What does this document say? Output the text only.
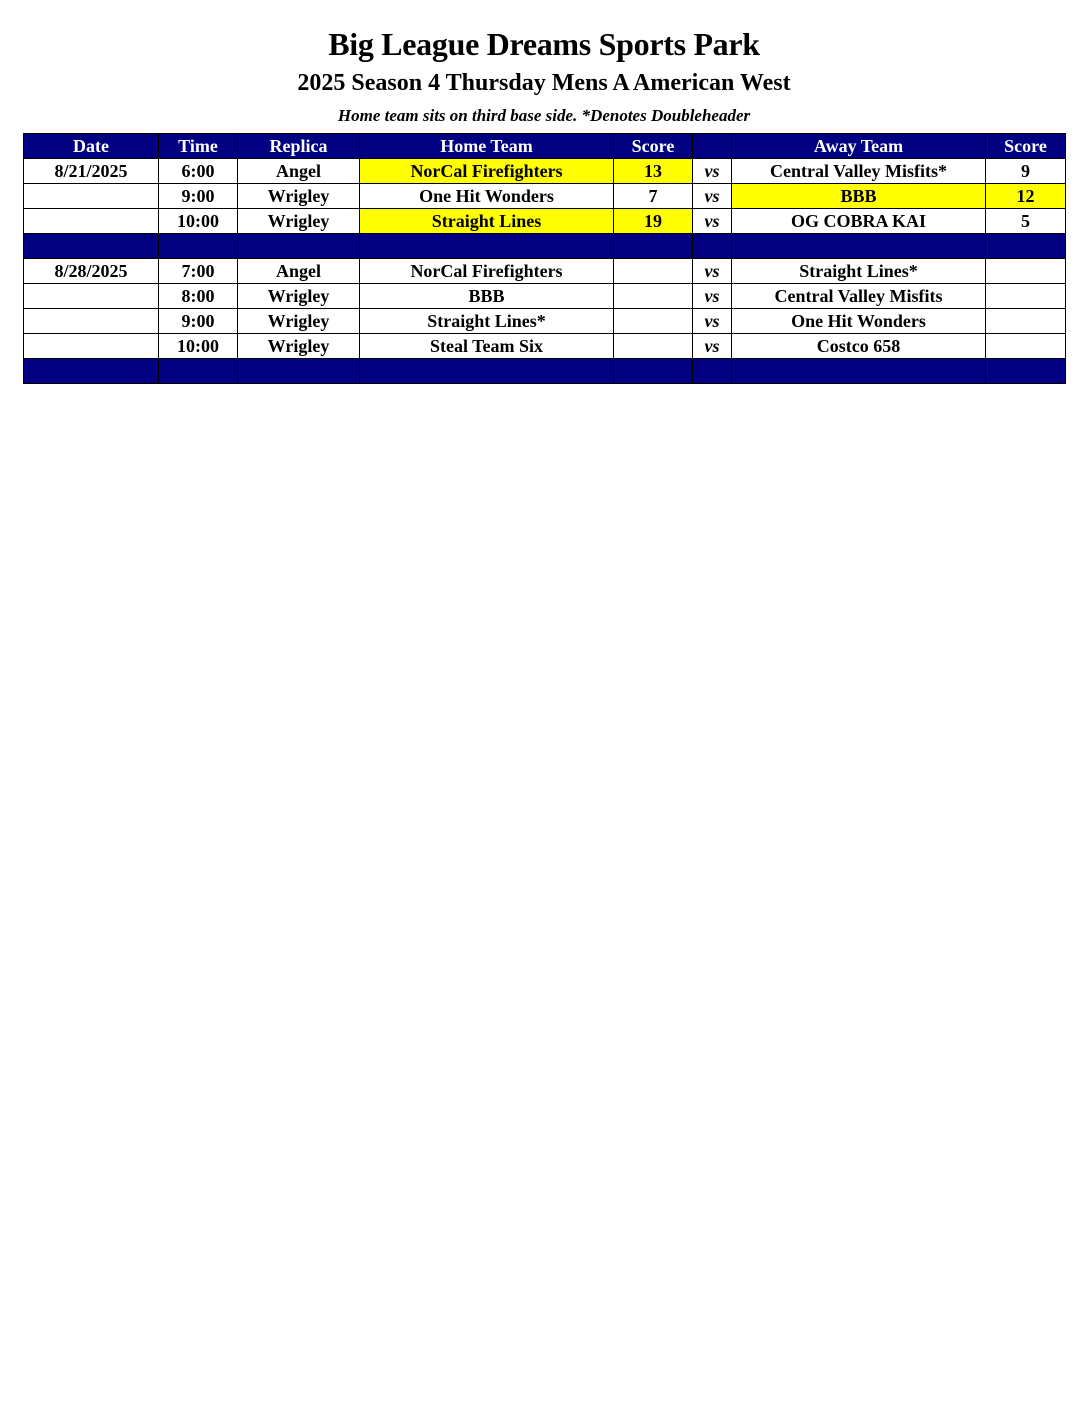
Big League Dreams Sports Park
2025 Season 4 Thursday Mens A American West
Home team sits on third base side. *Denotes Doubleheader
Date	Time	Replica	Home Team	Score		Away Team	Score
8/21/2025	6:00	Angel	NorCal Firefighters	13	vs	Central Valley Misfits*	9
	9:00	Wrigley	One Hit Wonders	7	vs	BBB	12
	10:00	Wrigley	Straight Lines	19	vs	OG COBRA KAI	5

8/28/2025	7:00	Angel	NorCal Firefighters		vs	Straight Lines*	
	8:00	Wrigley	BBB		vs	Central Valley Misfits	
	9:00	Wrigley	Straight Lines*		vs	One Hit Wonders	
	10:00	Wrigley	Steal Team Six		vs	Costco 658	
